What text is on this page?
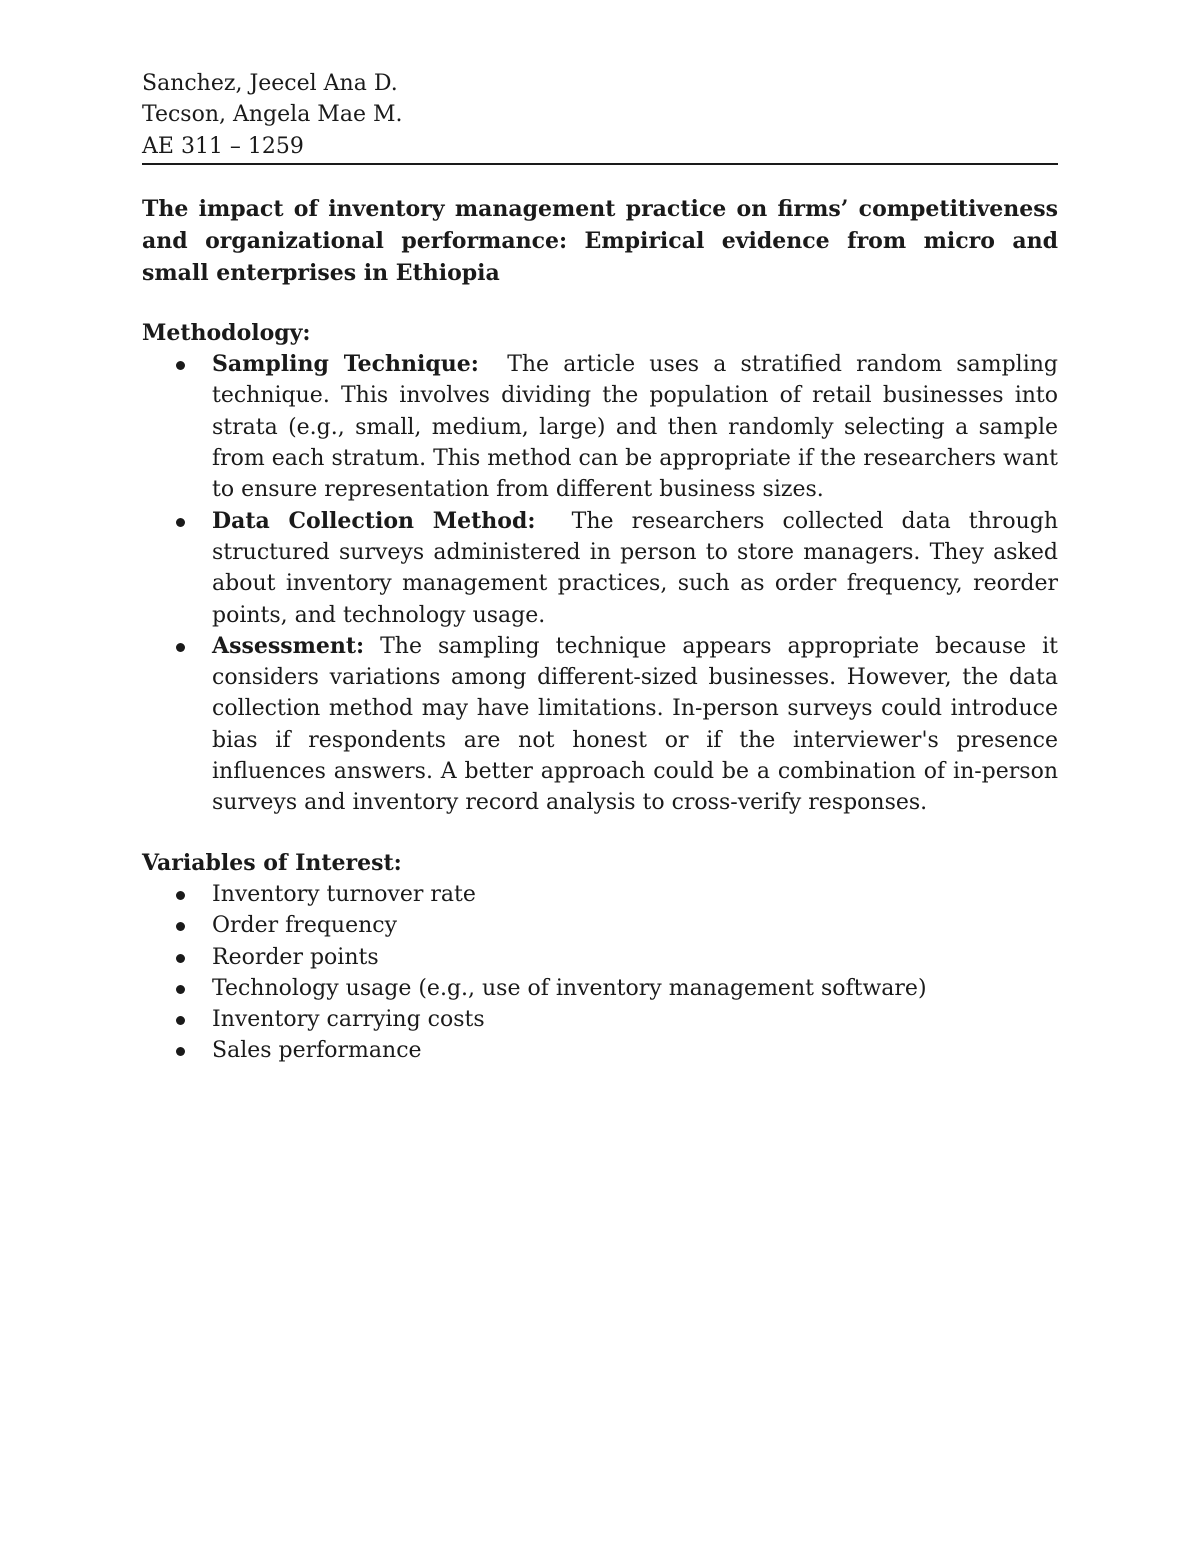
Sanchez, Jeecel Ana D.
Tecson, Angela Mae M.
AE 311 – 1259
The impact of inventory management practice on firms’ competitiveness and organizational performance: Empirical evidence from micro and small enterprises in Ethiopia
Methodology:
Sampling Technique: The article uses a stratified random sampling technique. This involves dividing the population of retail businesses into strata (e.g., small, medium, large) and then randomly selecting a sample from each stratum. This method can be appropriate if the researchers want to ensure representation from different business sizes.
Data Collection Method: The researchers collected data through structured surveys administered in person to store managers. They asked about inventory management practices, such as order frequency, reorder points, and technology usage.
Assessment: The sampling technique appears appropriate because it considers variations among different-sized businesses. However, the data collection method may have limitations. In-person surveys could introduce bias if respondents are not honest or if the interviewer's presence influences answers. A better approach could be a combination of in-person surveys and inventory record analysis to cross-verify responses.
Variables of Interest:
Inventory turnover rate
Order frequency
Reorder points
Technology usage (e.g., use of inventory management software)
Inventory carrying costs
Sales performance
